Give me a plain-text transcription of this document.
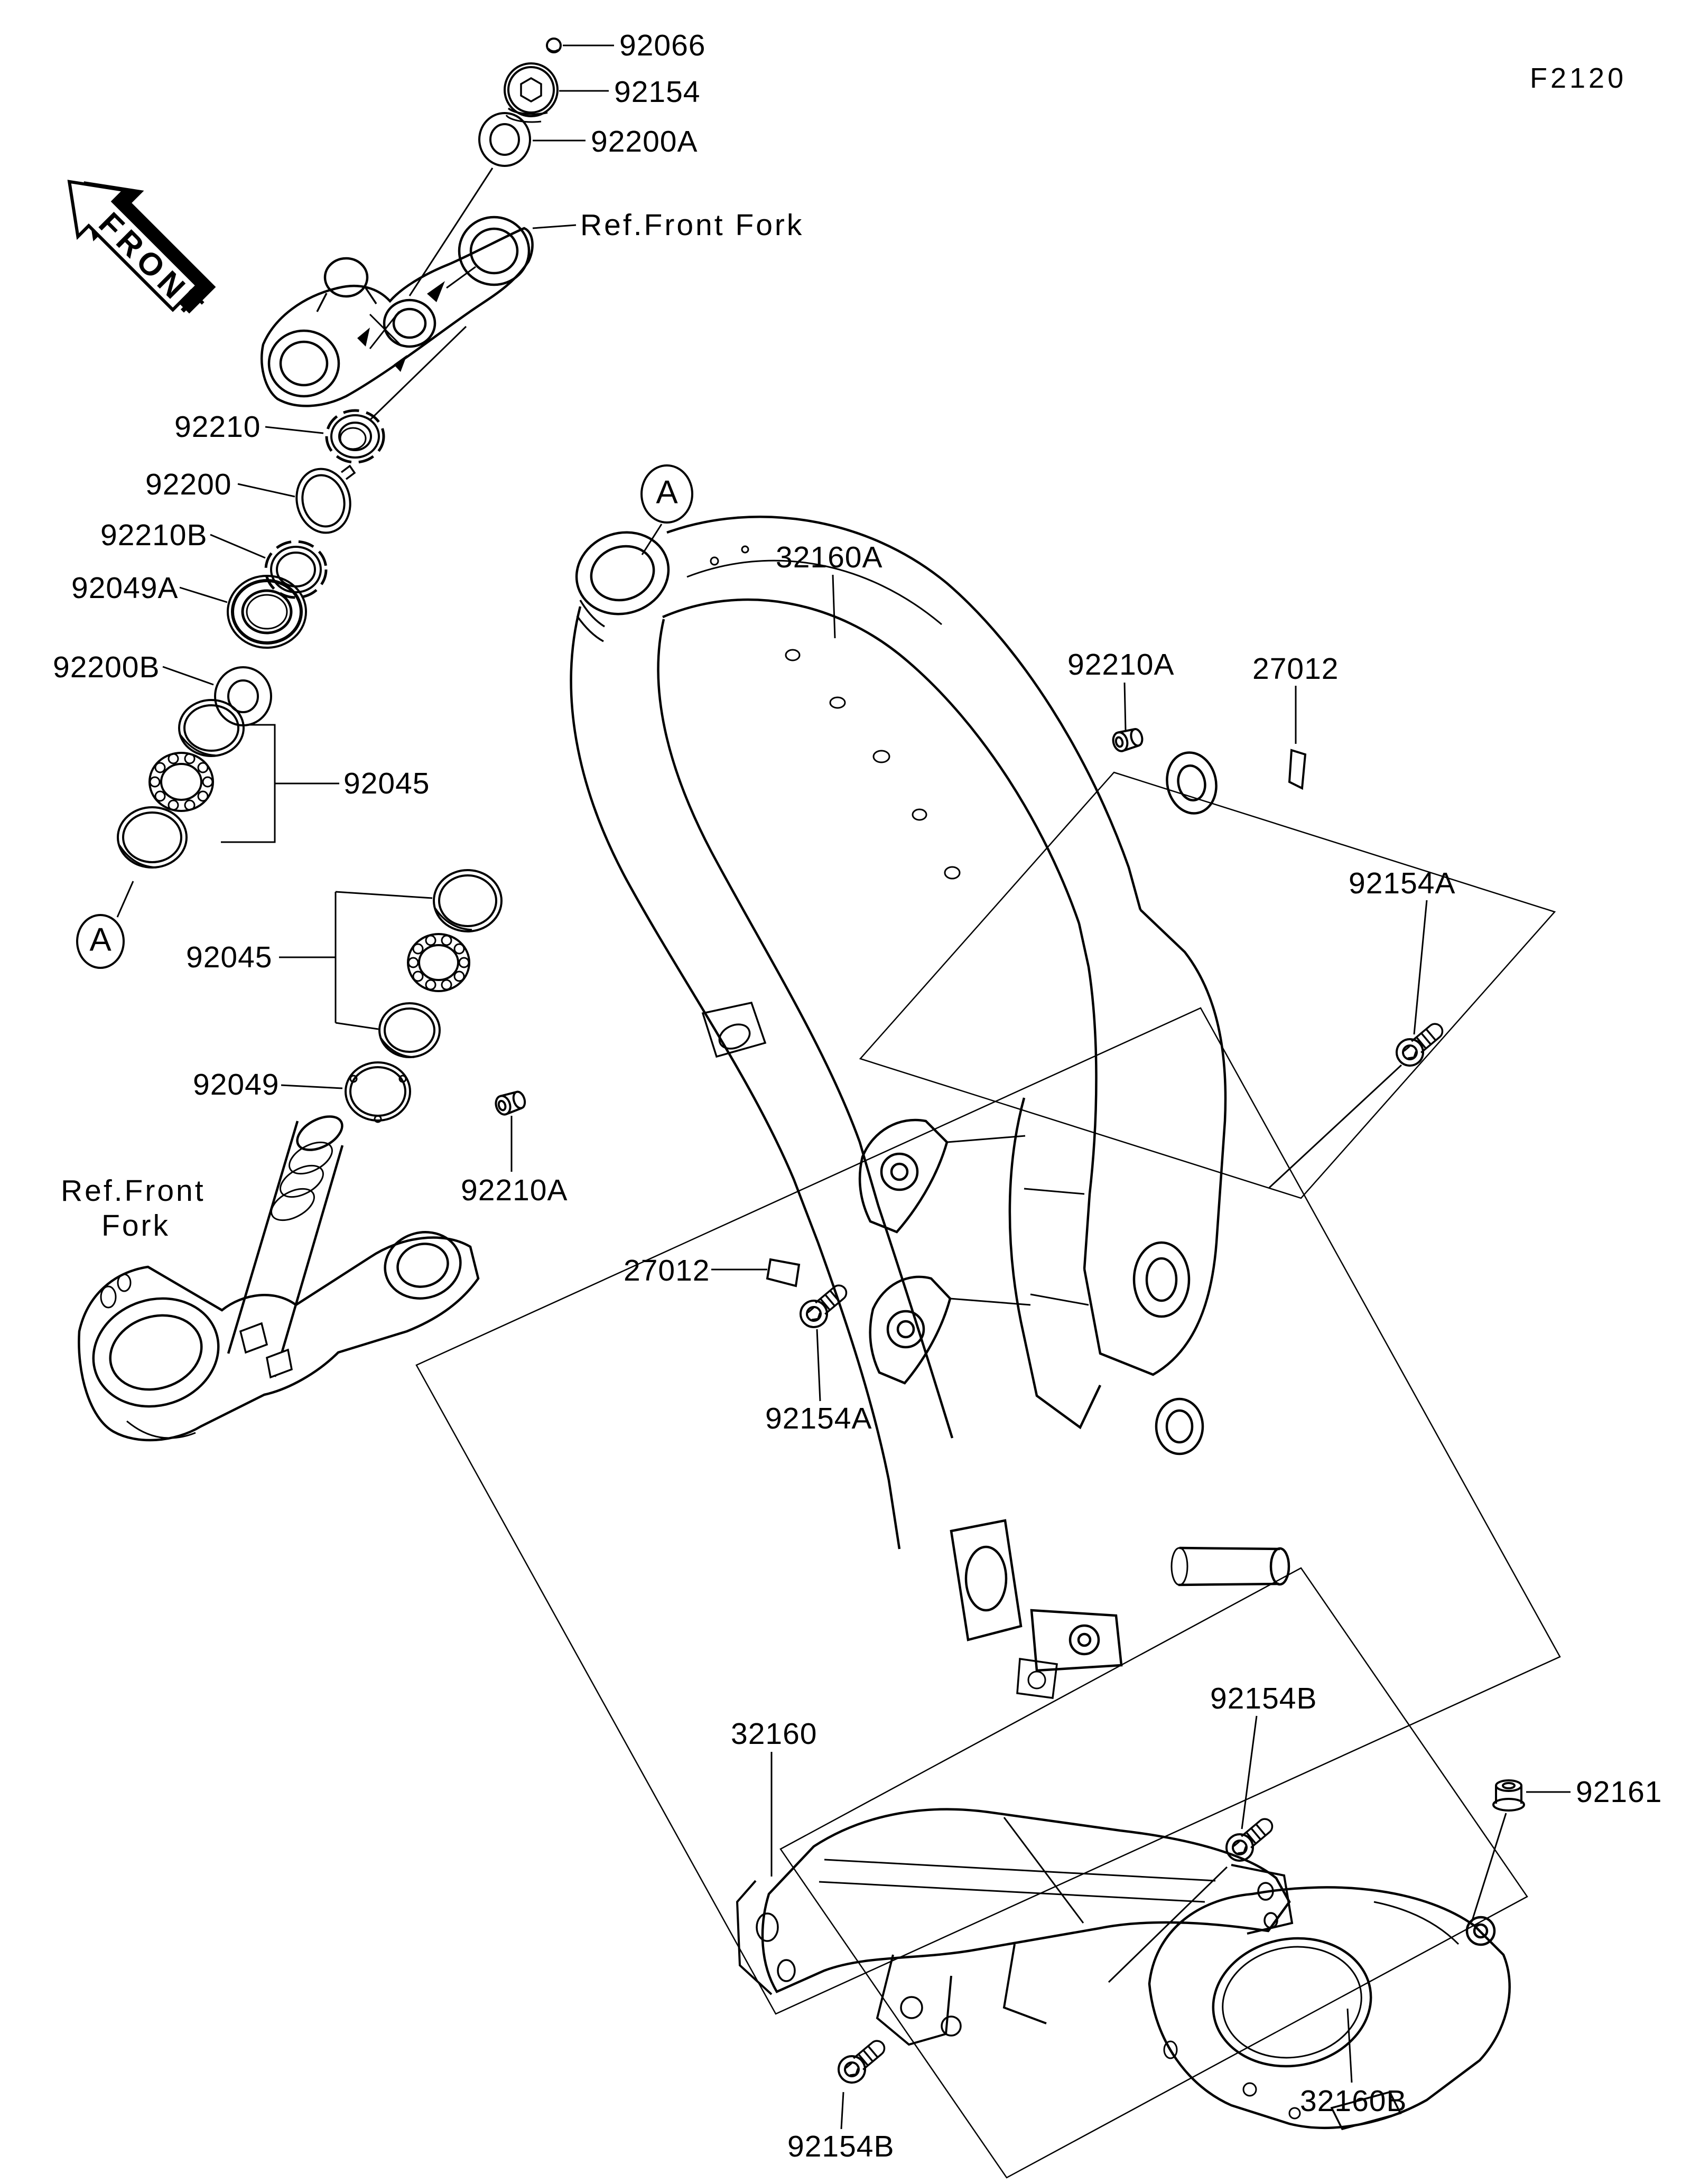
FRONT
92066
92154
92200A
Ref.Front Fork
F2120
92210
92200
92210B
92049A
92200B
92045
92045
92049
A
A
32160A
92210A	27012
92154A
92210A
27012
92154A
Ref.Front
Fork
32160
92154B
92161
32160B
92154B
